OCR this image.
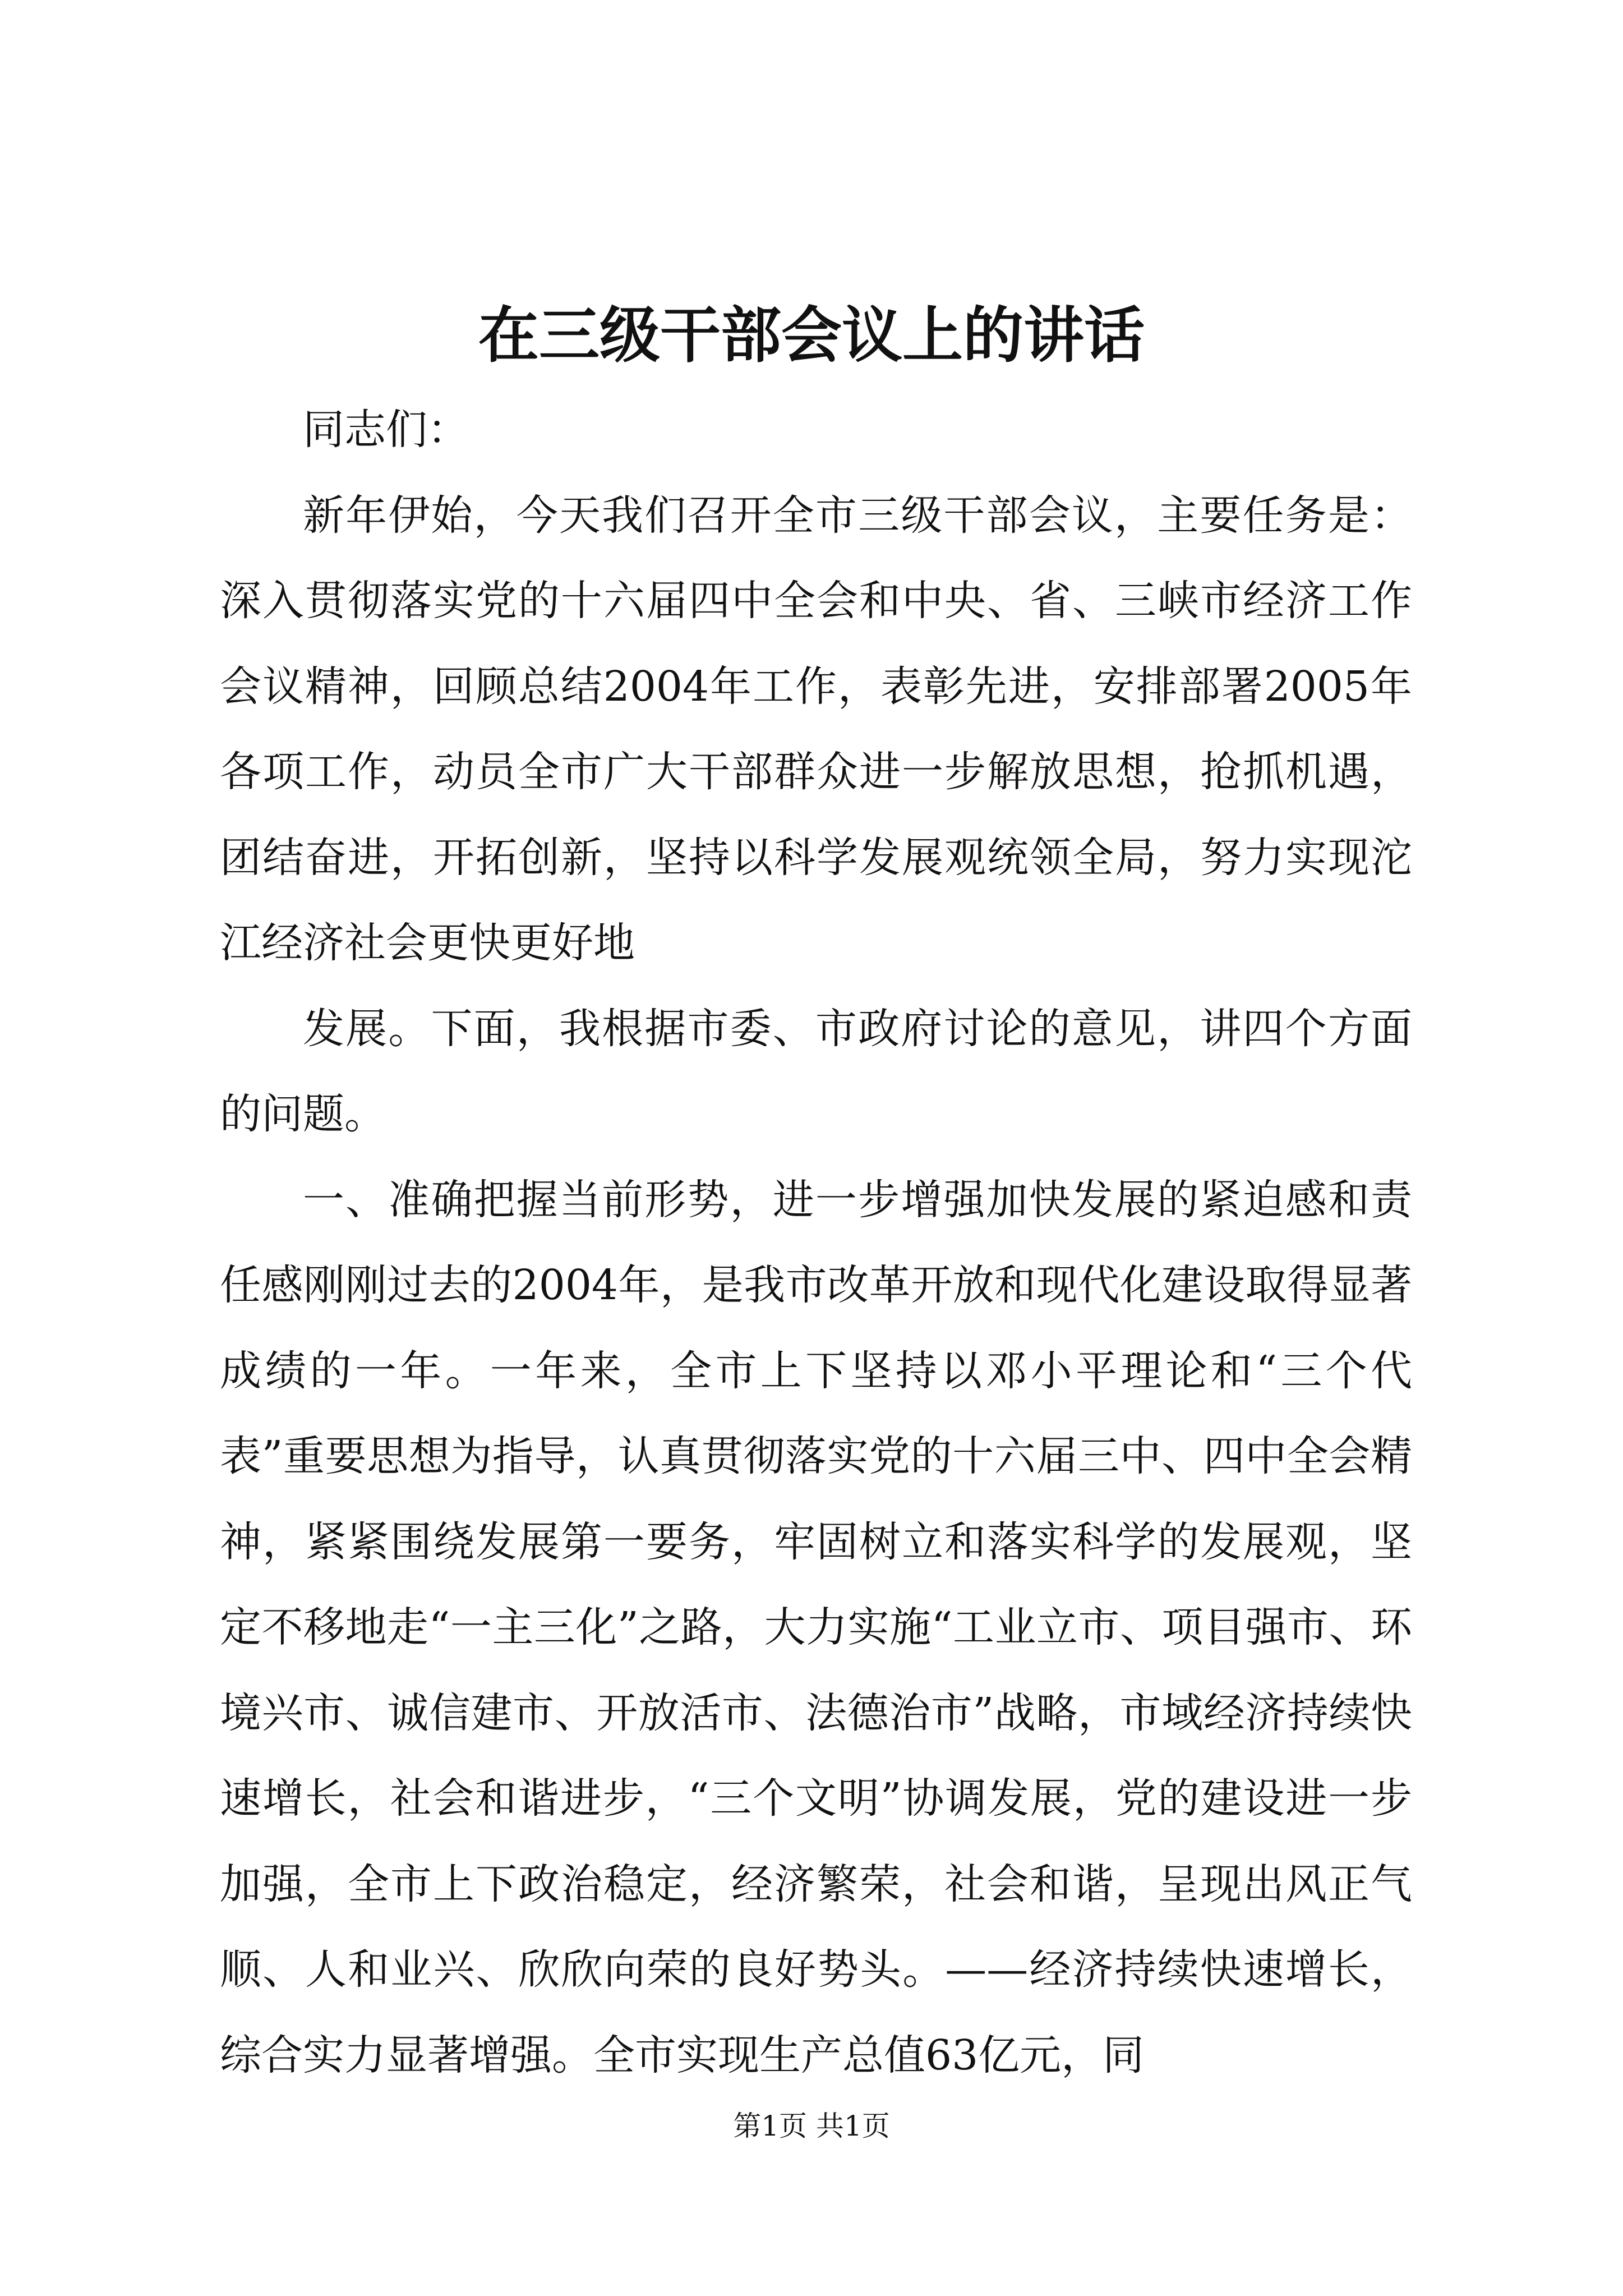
在三级干部会议上的讲话

同志们：

新年伊始，今天我们召开全市三级干部会议，主要任务是：深入贯彻落实党的十六届四中全会和中央、省、三峡市经济工作会议精神，回顾总结2004年工作，表彰先进，安排部署2005年各项工作，动员全市广大干部群众进一步解放思想，抢抓机遇，团结奋进，开拓创新，坚持以科学发展观统领全局，努力实现沱江经济社会更快更好地

发展。下面，我根据市委、市政府讨论的意见，讲四个方面的问题。

一、准确把握当前形势，进一步增强加快发展的紧迫感和责任感刚刚过去的2004年，是我市改革开放和现代化建设取得显著成绩的一年。一年来，全市上下坚持以邓小平理论和“三个代表”重要思想为指导，认真贯彻落实党的十六届三中、四中全会精神，紧紧围绕发展第一要务，牢固树立和落实科学的发展观，坚定不移地走“一主三化”之路，大力实施“工业立市、项目强市、环境兴市、诚信建市、开放活市、法德治市”战略，市域经济持续快速增长，社会和谐进步，“三个文明”协调发展，党的建设进一步加强，全市上下政治稳定，经济繁荣，社会和谐，呈现出风正气顺、人和业兴、欣欣向荣的良好势头。——经济持续快速增长，综合实力显著增强。全市实现生产总值63亿元，同

第1页 共1页
